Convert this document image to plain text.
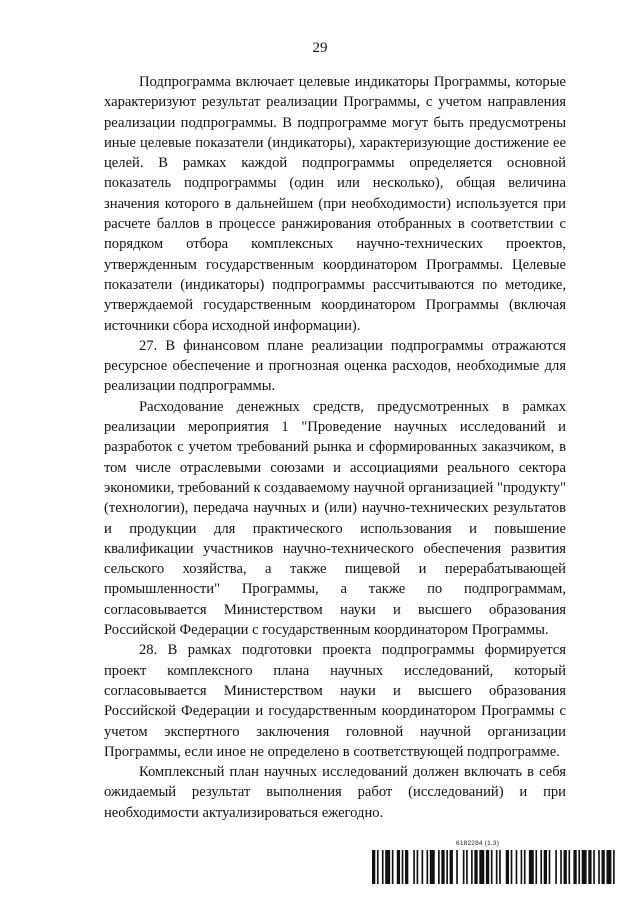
29

Подпрограмма включает целевые индикаторы Программы, которые характеризуют результат реализации Программы, с учетом направления реализации подпрограммы. В подпрограмме могут быть предусмотрены иные целевые показатели (индикаторы), характеризующие достижение ее целей. В рамках каждой подпрограммы определяется основной показатель подпрограммы (один или несколько), общая величина значения которого в дальнейшем (при необходимости) используется при расчете баллов в процессе ранжирования отобранных в соответствии с порядком отбора комплексных научно-технических проектов, утвержденным государственным координатором Программы. Целевые показатели (индикаторы) подпрограммы рассчитываются по методике, утверждаемой государственным координатором Программы (включая источники сбора исходной информации).

27. В финансовом плане реализации подпрограммы отражаются ресурсное обеспечение и прогнозная оценка расходов, необходимые для реализации подпрограммы.

Расходование денежных средств, предусмотренных в рамках реализации мероприятия 1 "Проведение научных исследований и разработок с учетом требований рынка и сформированных заказчиком, в том числе отраслевыми союзами и ассоциациями реального сектора экономики, требований к создаваемому научной организацией "продукту" (технологии), передача научных и (или) научно-технических результатов и продукции для практического использования и повышение квалификации участников научно-технического обеспечения развития сельского хозяйства, а также пищевой и перерабатывающей промышленности" Программы, а также по подпрограммам, согласовывается Министерством науки и высшего образования Российской Федерации с государственным координатором Программы.

28. В рамках подготовки проекта подпрограммы формируется проект комплексного плана научных исследований, который согласовывается Министерством науки и высшего образования Российской Федерации и государственным координатором Программы с учетом экспертного заключения головной научной организации Программы, если иное не определено в соответствующей подпрограмме.

Комплексный план научных исследований должен включать в себя ожидаемый результат выполнения работ (исследований) и при необходимости актуализироваться ежегодно.

6182284 (1.3)
